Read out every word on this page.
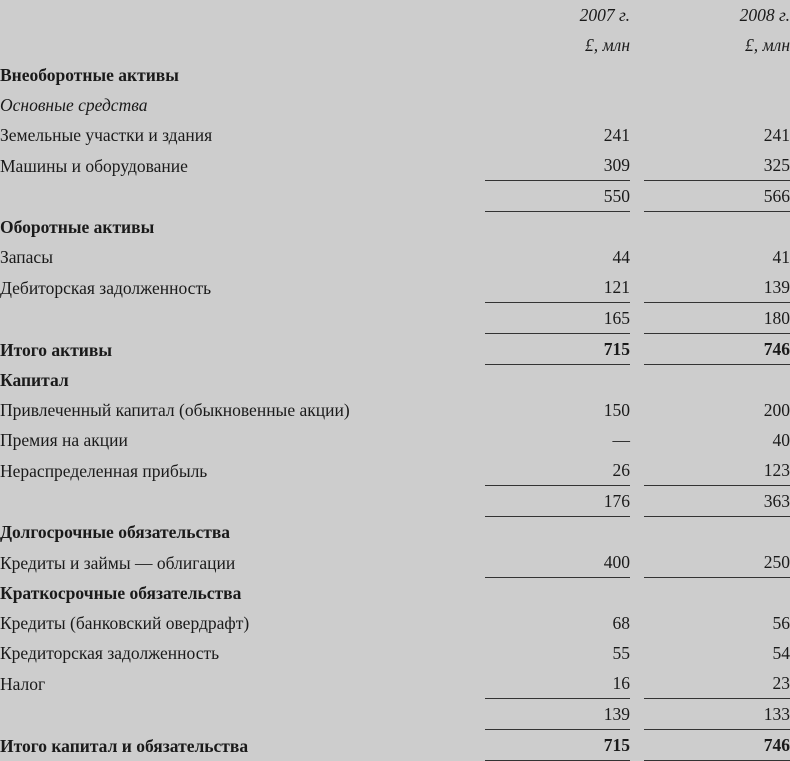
	2007 г.	2008 г.

	£, млн	£, млн

Внеоборотные активы	

Основные средства	

Земельные участки и здания	241	241

Машины и оборудование	309	325

	550	566

Оборотные активы	

Запасы	44	41

Дебиторская задолженность	121	139

	165	180

Итого активы	715	746

Капитал	

Привлеченный капитал (обыкновенные акции)	150	200

Премия на акции	—	40

Нераспределенная прибыль	26	123

	176	363

Долгосрочные обязательства	

Кредиты и займы — облигации	400	250

Краткосрочные обязательства	

Кредиты (банковский овердрафт)	68	56

Кредиторская задолженность	55	54

Налог	16	23

	139	133

Итого капитал и обязательства	715	746
